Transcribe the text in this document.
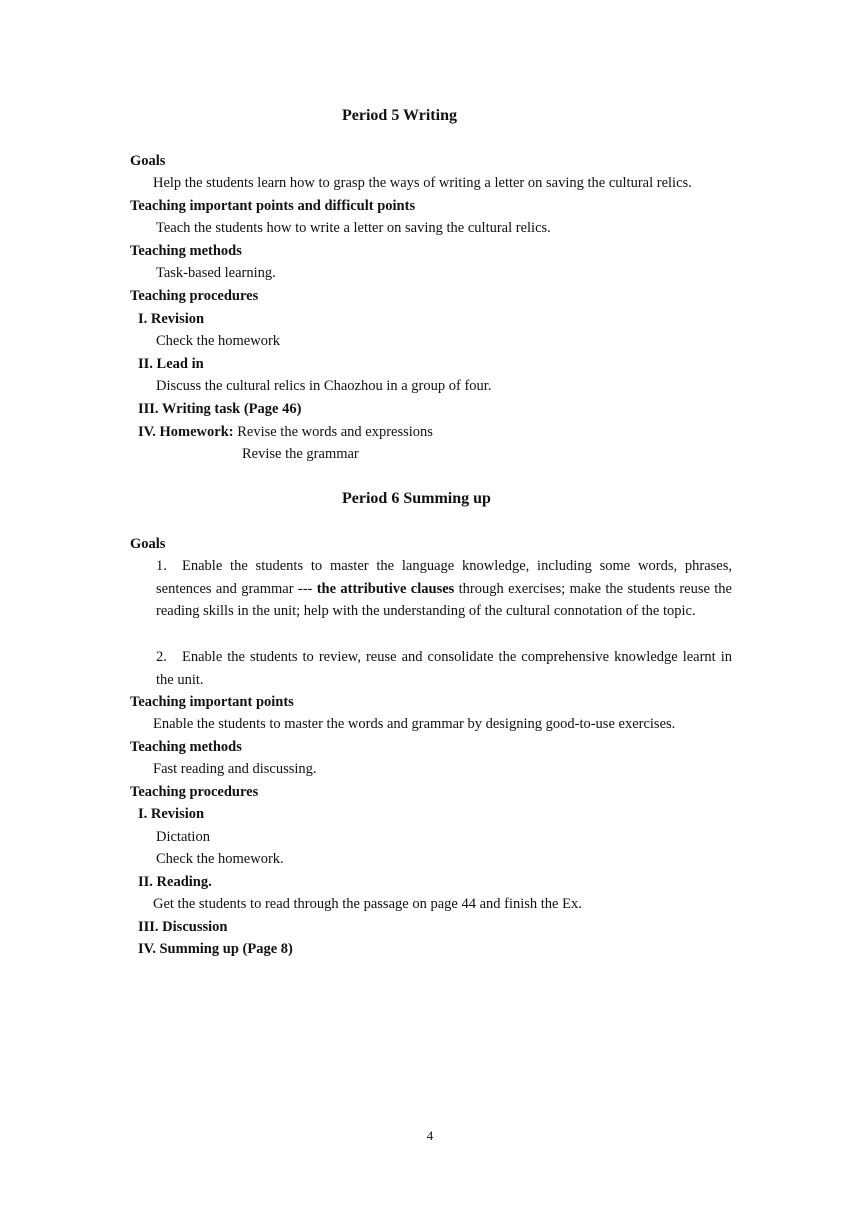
Period 5 Writing
Goals
Help the students learn how to grasp the ways of writing a letter on saving the cultural relics.
Teaching important points and difficult points
Teach the students how to write a letter on saving the cultural relics.
Teaching methods
Task-based learning.
Teaching procedures
I. Revision
Check the homework
II. Lead in
Discuss the cultural relics in Chaozhou in a group of four.
III. Writing task (Page 46)
IV. Homework: Revise the words and expressions
Revise the grammar
Period 6 Summing up
Goals
1. Enable the students to master the language knowledge, including some words, phrases, sentences and grammar --- the attributive clauses through exercises; make the students reuse the reading skills in the unit; help with the understanding of the cultural connotation of the topic.
2. Enable the students to review, reuse and consolidate the comprehensive knowledge learnt in the unit.
Teaching important points
Enable the students to master the words and grammar by designing good-to-use exercises.
Teaching methods
Fast reading and discussing.
Teaching procedures
I. Revision
Dictation
Check the homework.
II. Reading.
Get the students to read through the passage on page 44 and finish the Ex.
III. Discussion
IV. Summing up (Page 8)
4
